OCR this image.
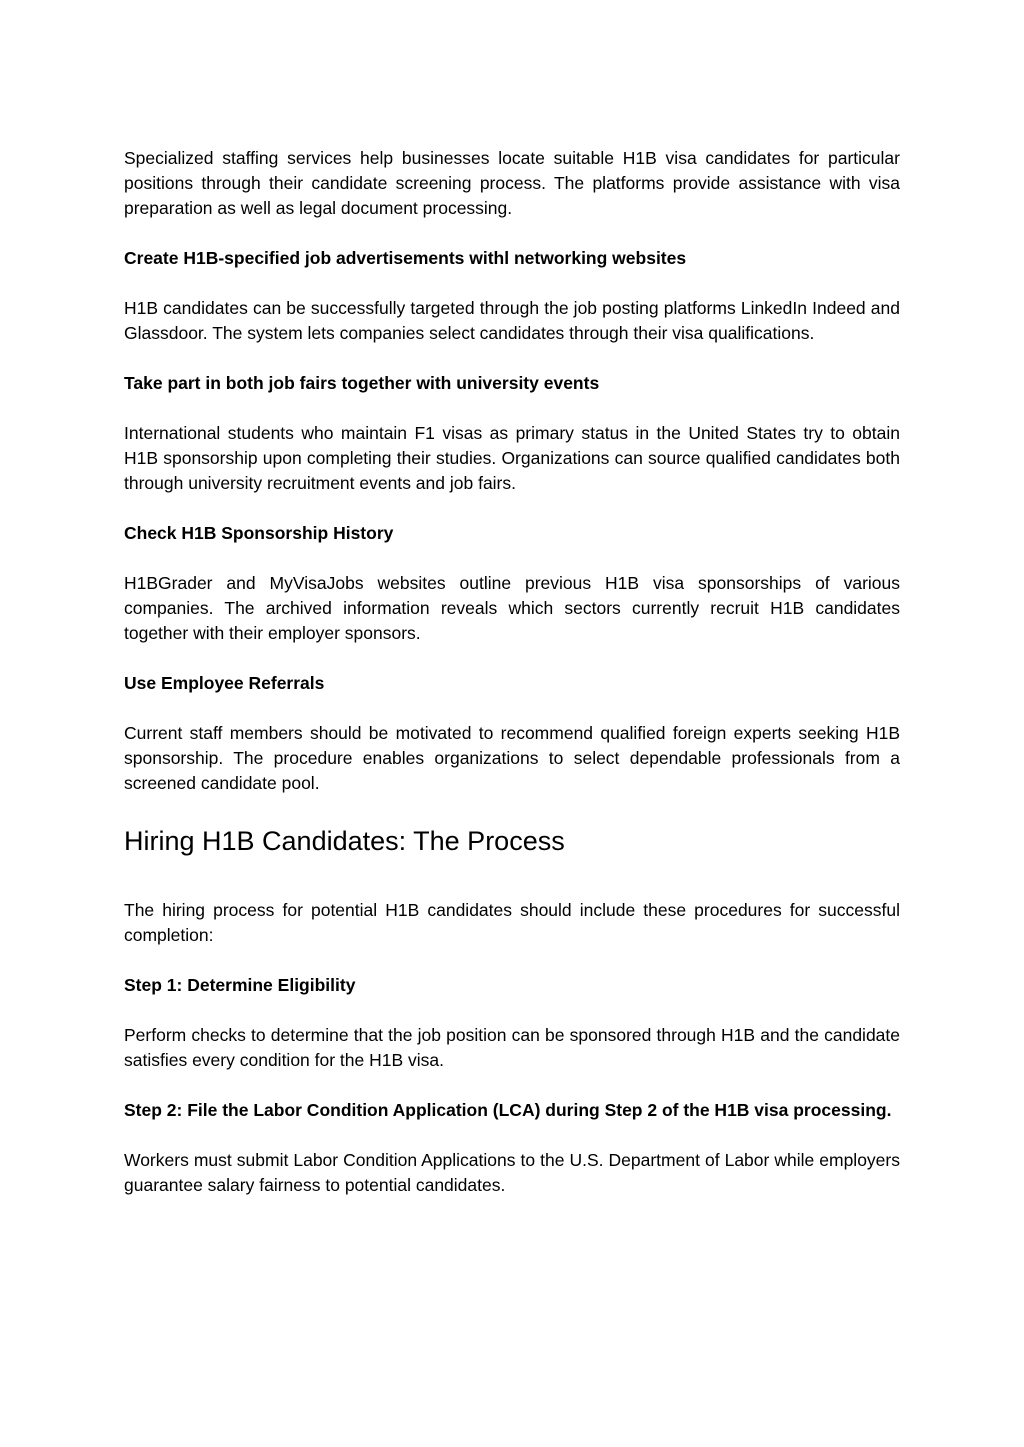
Specialized staffing services help businesses locate suitable H1B visa candidates for particular positions through their candidate screening process. The platforms provide assistance with visa preparation as well as legal document processing.

Create H1B-specified job advertisements withl networking websites

H1B candidates can be successfully targeted through the job posting platforms LinkedIn Indeed and Glassdoor. The system lets companies select candidates through their visa qualifications.

Take part in both job fairs together with university events

International students who maintain F1 visas as primary status in the United States try to obtain H1B sponsorship upon completing their studies. Organizations can source qualified candidates both through university recruitment events and job fairs.

Check H1B Sponsorship History

H1BGrader and MyVisaJobs websites outline previous H1B visa sponsorships of various companies. The archived information reveals which sectors currently recruit H1B candidates together with their employer sponsors.

Use Employee Referrals

Current staff members should be motivated to recommend qualified foreign experts seeking H1B sponsorship. The procedure enables organizations to select dependable professionals from a screened candidate pool.

Hiring H1B Candidates: The Process

The hiring process for potential H1B candidates should include these procedures for successful completion:

Step 1: Determine Eligibility

Perform checks to determine that the job position can be sponsored through H1B and the candidate satisfies every condition for the H1B visa.

Step 2: File the Labor Condition Application (LCA) during Step 2 of the H1B visa processing.

Workers must submit Labor Condition Applications to the U.S. Department of Labor while employers guarantee salary fairness to potential candidates.
